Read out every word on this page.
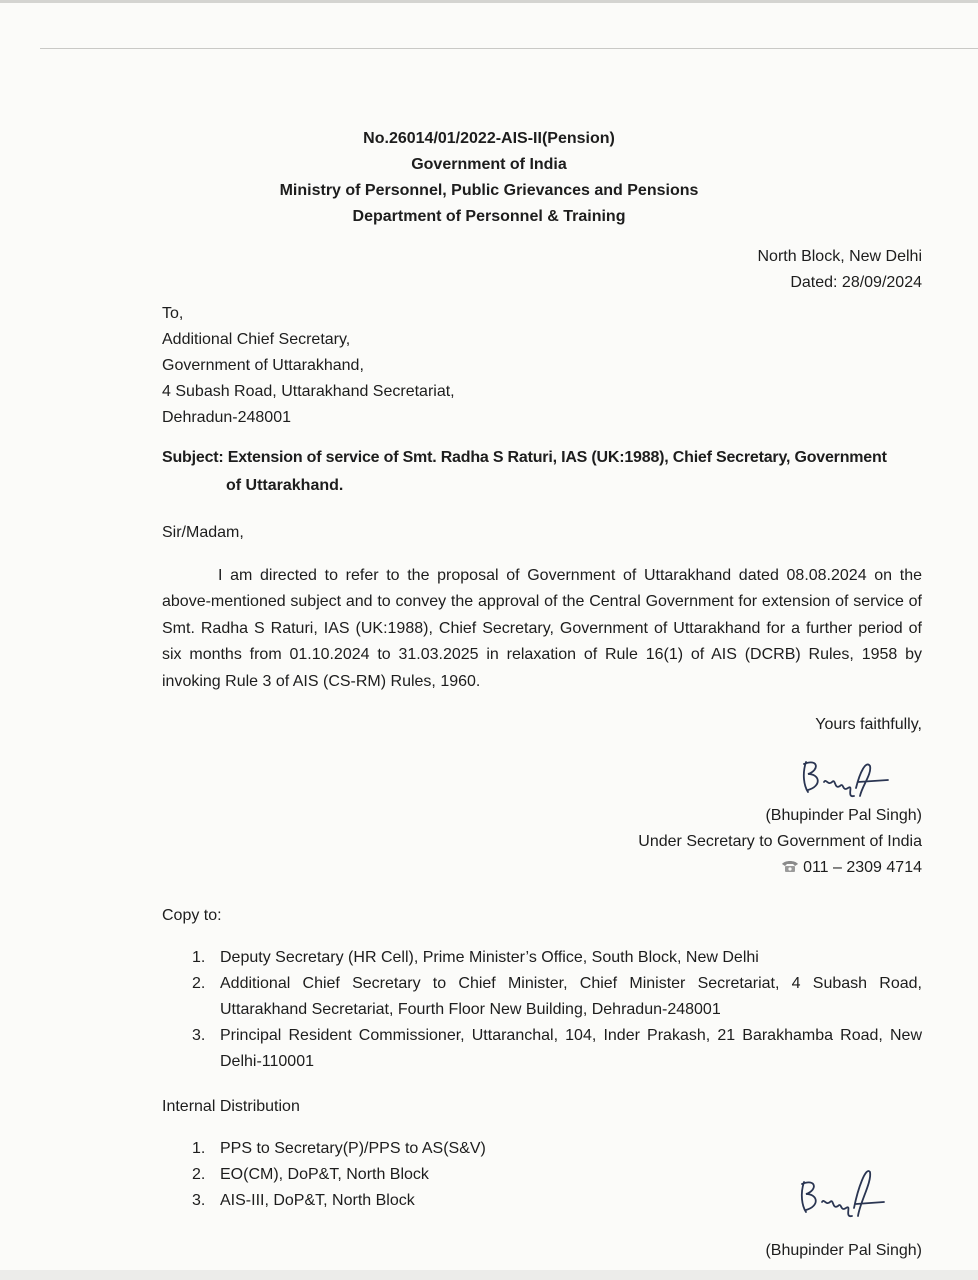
No.26014/01/2022-AIS-II(Pension)
Government of India
Ministry of Personnel, Public Grievances and Pensions
Department of Personnel & Training
North Block, New Delhi
Dated: 28/09/2024
To,
Additional Chief Secretary,
Government of Uttarakhand,
4 Subash Road, Uttarakhand Secretariat,
Dehradun-248001
Subject: Extension of service of Smt. Radha S Raturi, IAS (UK:1988), Chief Secretary, Government
of Uttarakhand.
Sir/Madam,
I am directed to refer to the proposal of Government of Uttarakhand dated 08.08.2024 on the above-mentioned subject and to convey the approval of the Central Government for extension of service of Smt. Radha S Raturi, IAS (UK:1988), Chief Secretary, Government of Uttarakhand for a further period of six months from 01.10.2024 to 31.03.2025 in relaxation of Rule 16(1) of AIS (DCRB) Rules, 1958 by invoking Rule 3 of AIS (CS-RM) Rules, 1960.
Yours faithfully,
(Bhupinder Pal Singh)
Under Secretary to Government of India
011 – 2309 4714
Copy to:
1. Deputy Secretary (HR Cell), Prime Minister’s Office, South Block, New Delhi
2. Additional Chief Secretary to Chief Minister, Chief Minister Secretariat, 4 Subash Road, Uttarakhand Secretariat, Fourth Floor New Building, Dehradun-248001
3. Principal Resident Commissioner, Uttaranchal, 104, Inder Prakash, 21 Barakhamba Road, New Delhi-110001
Internal Distribution
1. PPS to Secretary(P)/PPS to AS(S&V)
2. EO(CM), DoP&T, North Block
3. AIS-III, DoP&T, North Block
(Bhupinder Pal Singh)
